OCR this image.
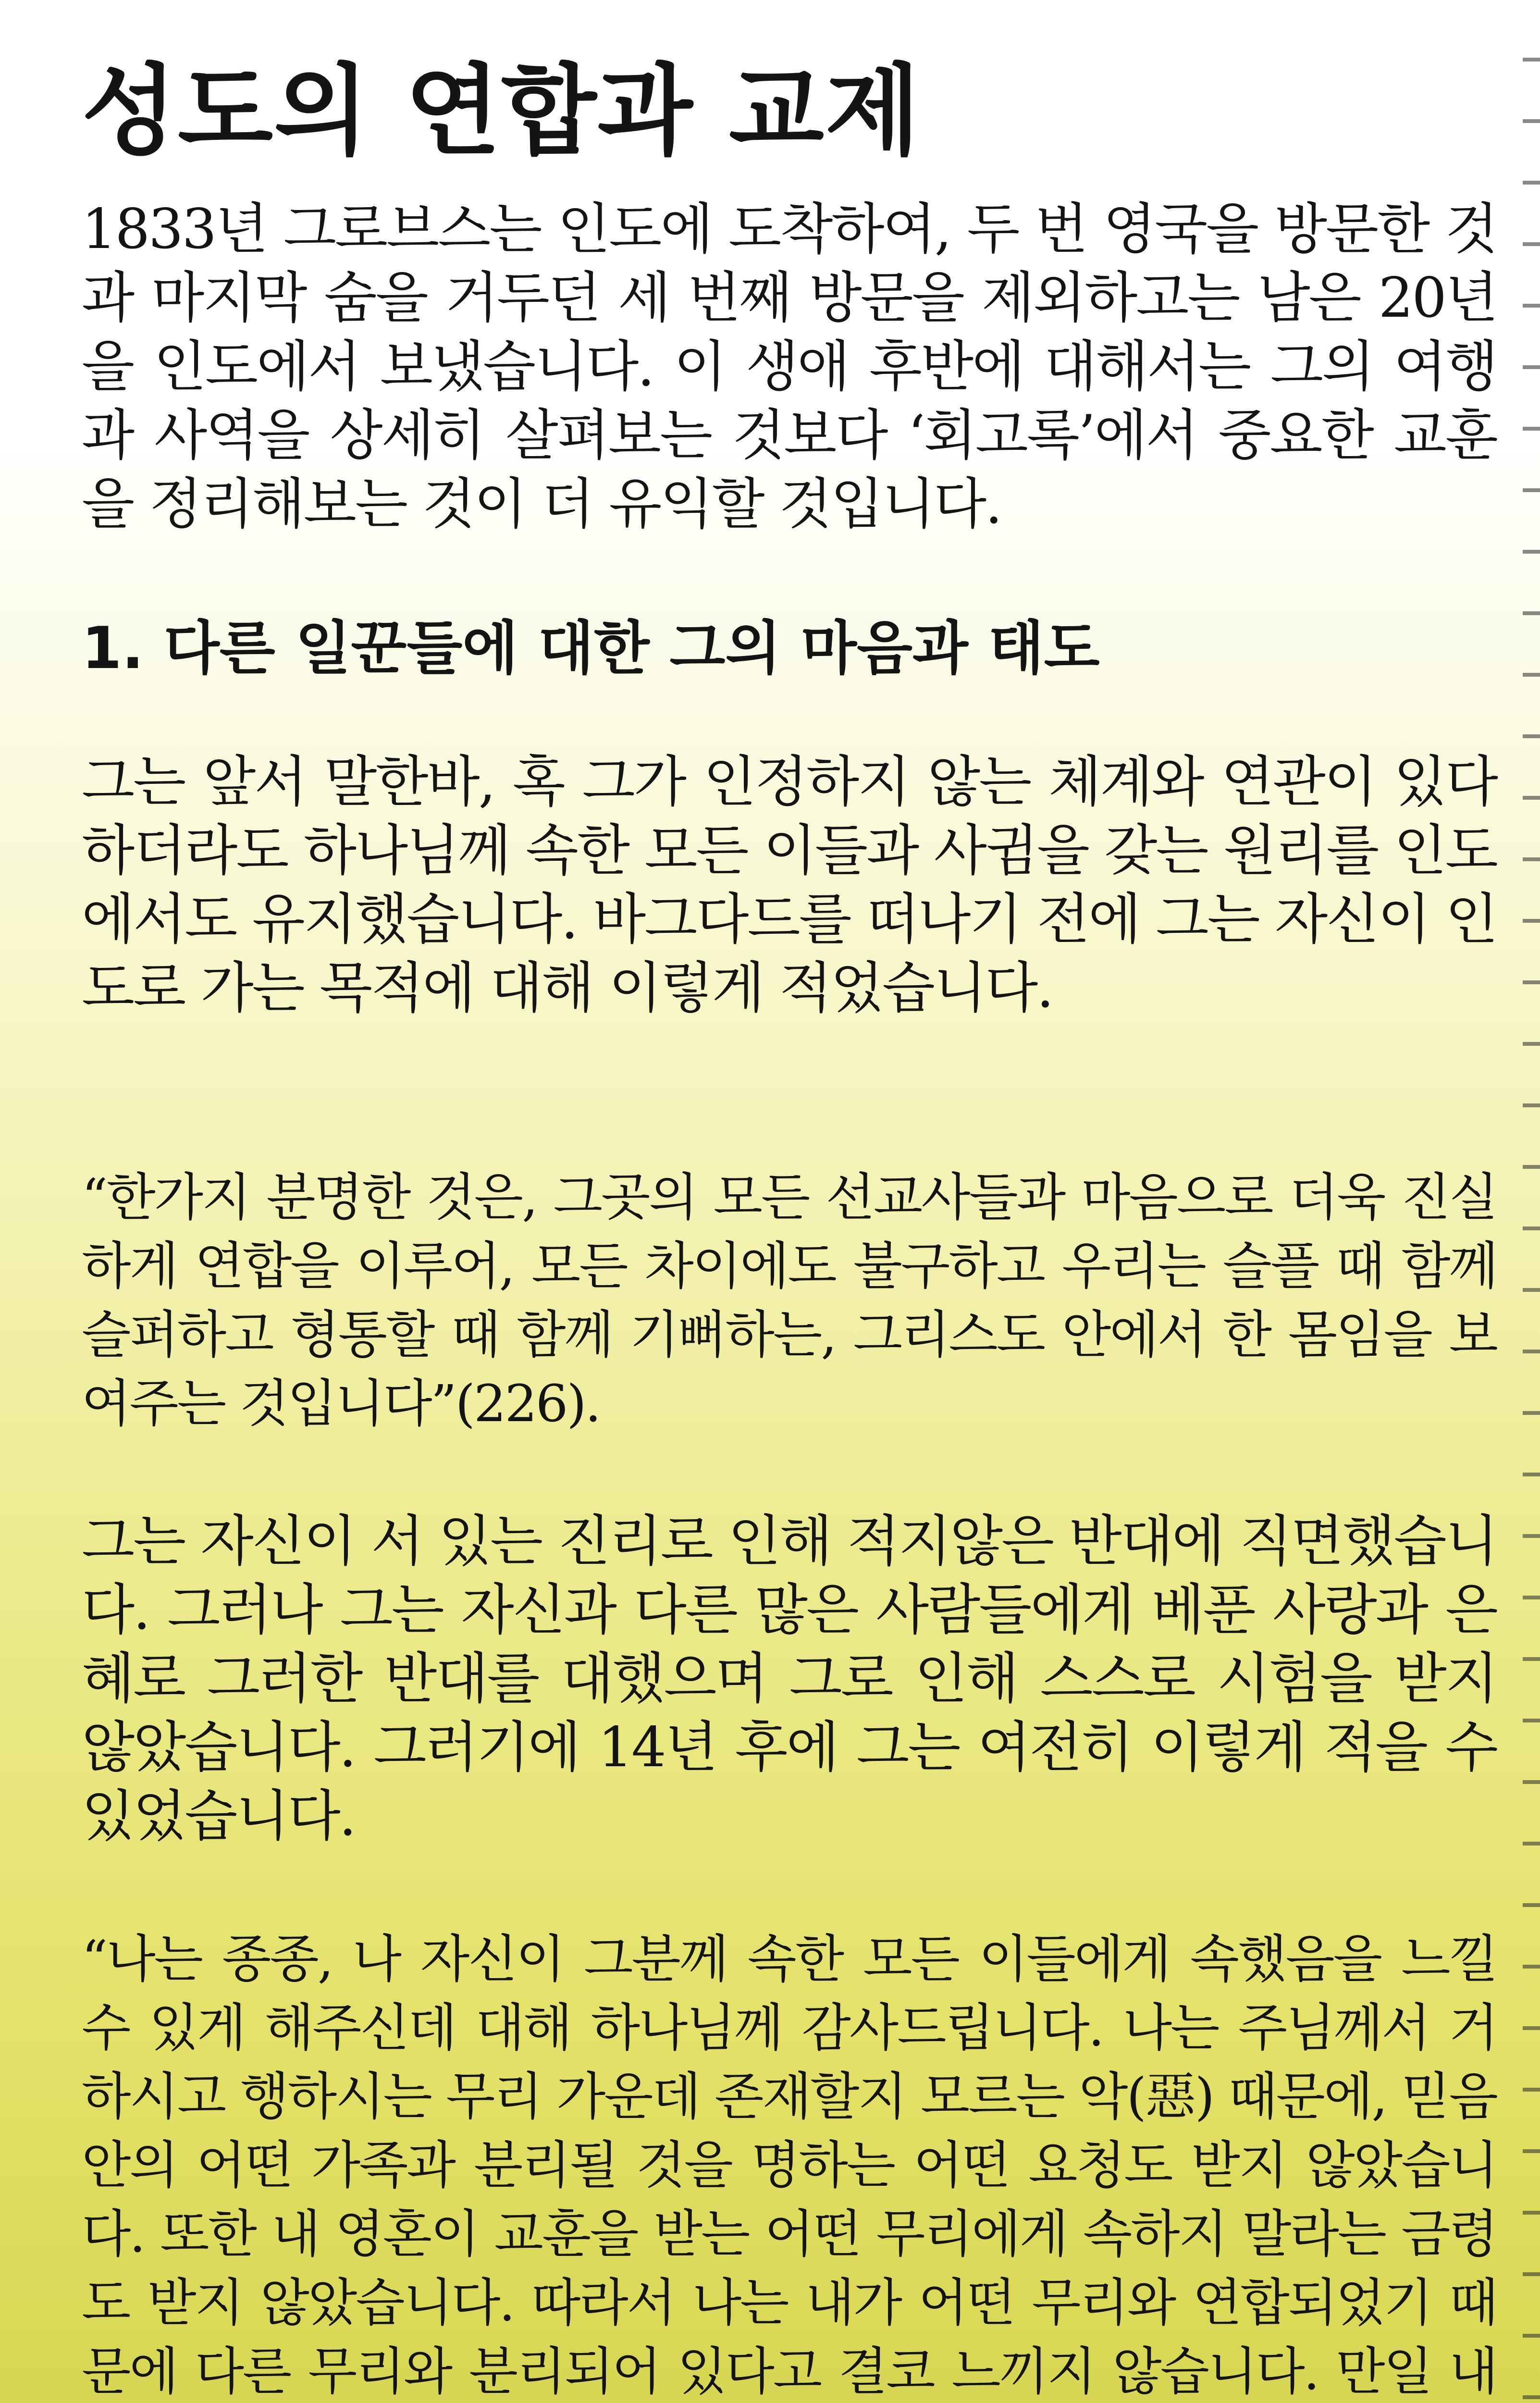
성도의 연합과 교제

1833년 그로브스는 인도에 도착하여, 두 번 영국을 방문한 것과 마지막 숨을 거두던 세 번째 방문을 제외하고는 남은 20년을 인도에서 보냈습니다. 이 생애 후반에 대해서는 그의 여행과 사역을 상세히 살펴보는 것보다 ‘회고록’에서 중요한 교훈을 정리해보는 것이 더 유익할 것입니다.

1. 다른 일꾼들에 대한 그의 마음과 태도

그는 앞서 말한바, 혹 그가 인정하지 않는 체계와 연관이 있다 하더라도 하나님께 속한 모든 이들과 사귐을 갖는 원리를 인도에서도 유지했습니다. 바그다드를 떠나기 전에 그는 자신이 인도로 가는 목적에 대해 이렇게 적었습니다.

“한가지 분명한 것은, 그곳의 모든 선교사들과 마음으로 더욱 진실하게 연합을 이루어, 모든 차이에도 불구하고 우리는 슬플 때 함께 슬퍼하고 형통할 때 함께 기뻐하는, 그리스도 안에서 한 몸임을 보여주는 것입니다”(226).

그는 자신이 서 있는 진리로 인해 적지않은 반대에 직면했습니다. 그러나 그는 자신과 다른 많은 사람들에게 베푼 사랑과 은혜로 그러한 반대를 대했으며 그로 인해 스스로 시험을 받지 않았습니다. 그러기에 14년 후에 그는 여전히 이렇게 적을 수 있었습니다.

“나는 종종, 나 자신이 그분께 속한 모든 이들에게 속했음을 느낄 수 있게 해주신데 대해 하나님께 감사드립니다. 나는 주님께서 거하시고 행하시는 무리 가운데 존재할지 모르는 악(惡) 때문에, 믿음 안의 어떤 가족과 분리될 것을 명하는 어떤 요청도 받지 않았습니다. 또한 내 영혼이 교훈을 받는 어떤 무리에게 속하지 말라는 금령도 받지 않았습니다. 따라서 나는 내가 어떤 무리와 연합되었기 때문에 다른 무리와 분리되어 있다고 결코 느끼지 않습니다. 만일 내
